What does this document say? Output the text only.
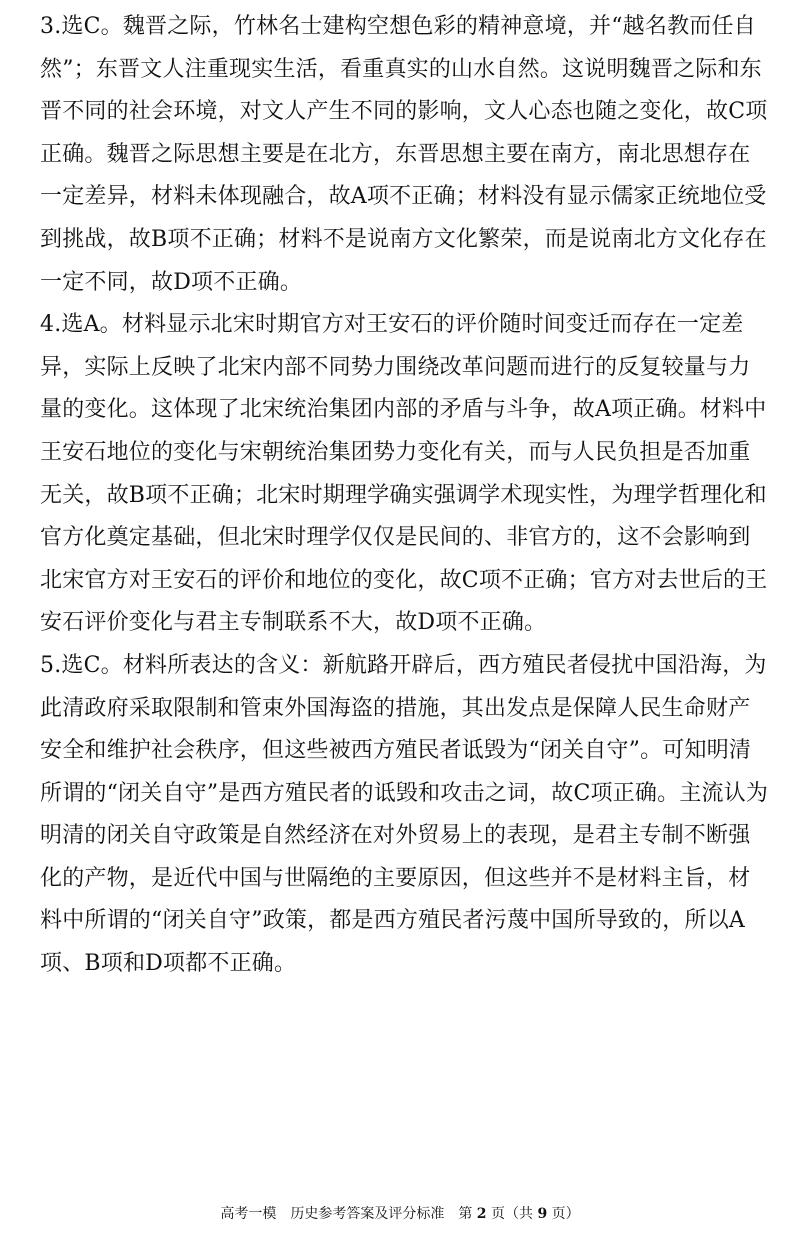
3.选C。魏晋之际，竹林名士建构空想色彩的精神意境，并“越名教而任自然”；东晋文人注重现实生活，看重真实的山水自然。这说明魏晋之际和东晋不同的社会环境，对文人产生不同的影响，文人心态也随之变化，故C项正确。魏晋之际思想主要是在北方，东晋思想主要在南方，南北思想存在一定差异，材料未体现融合，故A项不正确；材料没有显示儒家正统地位受到挑战，故B项不正确；材料不是说南方文化繁荣，而是说南北方文化存在一定不同，故D项不正确。

4.选A。材料显示北宋时期官方对王安石的评价随时间变迁而存在一定差异，实际上反映了北宋内部不同势力围绕改革问题而进行的反复较量与力量的变化。这体现了北宋统治集团内部的矛盾与斗争，故A项正确。材料中王安石地位的变化与宋朝统治集团势力变化有关，而与人民负担是否加重无关，故B项不正确；北宋时期理学确实强调学术现实性，为理学哲理化和官方化奠定基础，但北宋时理学仅仅是民间的、非官方的，这不会影响到北宋官方对王安石的评价和地位的变化，故C项不正确；官方对去世后的王安石评价变化与君主专制联系不大，故D项不正确。

5.选C。材料所表达的含义：新航路开辟后，西方殖民者侵扰中国沿海，为此清政府采取限制和管束外国海盗的措施，其出发点是保障人民生命财产安全和维护社会秩序，但这些被西方殖民者诋毁为“闭关自守”。可知明清所谓的“闭关自守”是西方殖民者的诋毁和攻击之词，故C项正确。主流认为明清的闭关自守政策是自然经济在对外贸易上的表现，是君主专制不断强化的产物，是近代中国与世隔绝的主要原因，但这些并不是材料主旨，材料中所谓的“闭关自守”政策，都是西方殖民者污蔑中国所导致的，所以A项、B项和D项都不正确。

高考一模　历史参考答案及评分标准　第 2 页（共 9 页）
